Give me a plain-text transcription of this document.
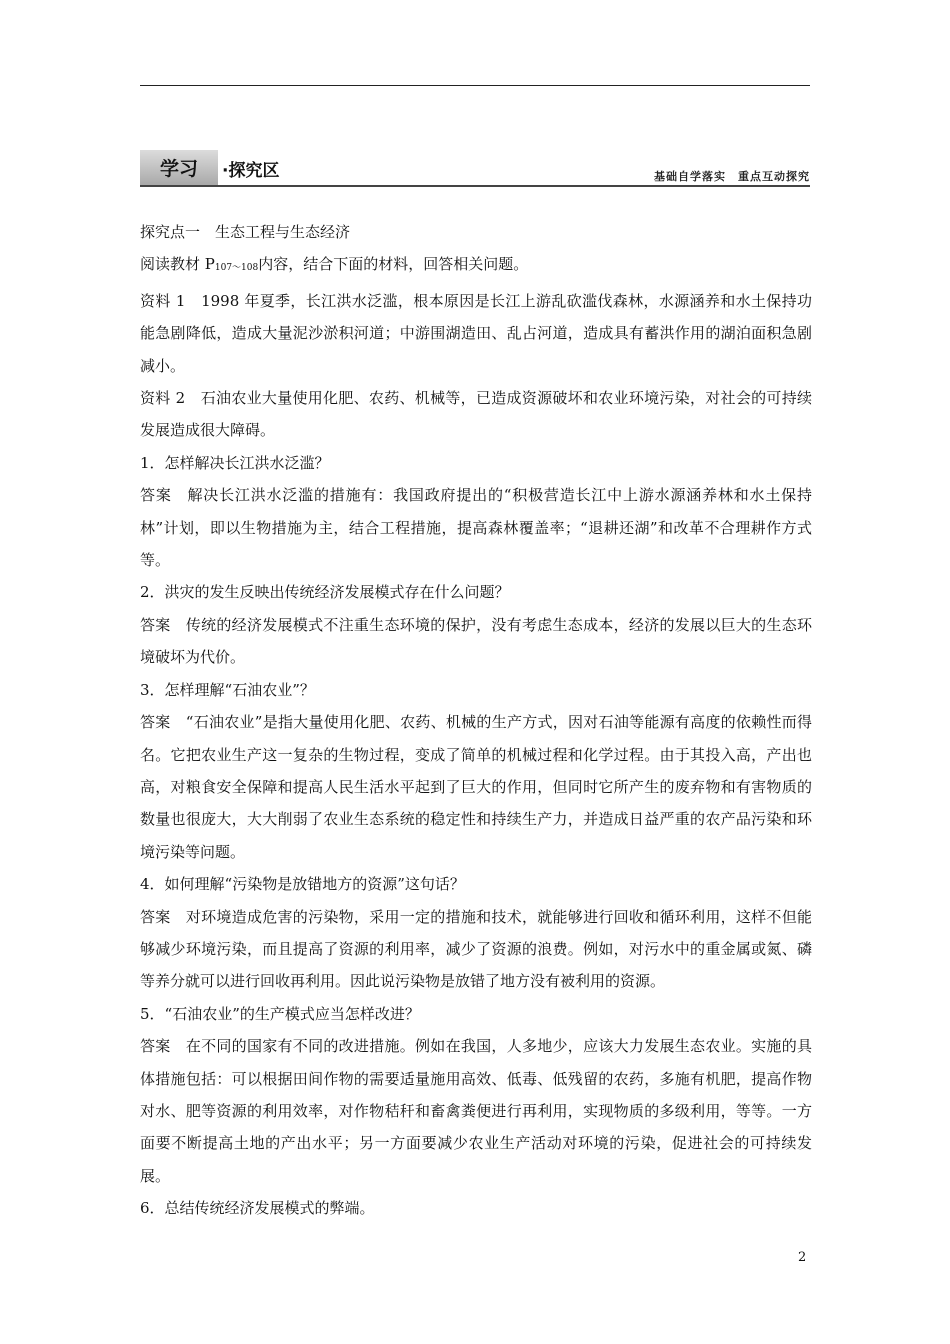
学习	·探究区	基础自学落实　重点互动探究

探究点一　生态工程与生态经济

阅读教材 P107～108内容，结合下面的材料，回答相关问题。

资料 1　1998 年夏季，长江洪水泛滥，根本原因是长江上游乱砍滥伐森林，水源涵养和水土保持功能急剧降低，造成大量泥沙淤积河道；中游围湖造田、乱占河道，造成具有蓄洪作用的湖泊面积急剧减小。

资料 2　石油农业大量使用化肥、农药、机械等，已造成资源破坏和农业环境污染，对社会的可持续发展造成很大障碍。

1．怎样解决长江洪水泛滥？

答案　解决长江洪水泛滥的措施有：我国政府提出的“积极营造长江中上游水源涵养林和水土保持林”计划，即以生物措施为主，结合工程措施，提高森林覆盖率；“退耕还湖”和改革不合理耕作方式等。

2．洪灾的发生反映出传统经济发展模式存在什么问题？

答案　传统的经济发展模式不注重生态环境的保护，没有考虑生态成本，经济的发展以巨大的生态环境破坏为代价。

3．怎样理解“石油农业”？

答案　“石油农业”是指大量使用化肥、农药、机械的生产方式，因对石油等能源有高度的依赖性而得名。它把农业生产这一复杂的生物过程，变成了简单的机械过程和化学过程。由于其投入高，产出也高，对粮食安全保障和提高人民生活水平起到了巨大的作用，但同时它所产生的废弃物和有害物质的数量也很庞大，大大削弱了农业生态系统的稳定性和持续生产力，并造成日益严重的农产品污染和环境污染等问题。

4．如何理解“污染物是放错地方的资源”这句话？

答案　对环境造成危害的污染物，采用一定的措施和技术，就能够进行回收和循环利用，这样不但能够减少环境污染，而且提高了资源的利用率，减少了资源的浪费。例如，对污水中的重金属或氮、磷等养分就可以进行回收再利用。因此说污染物是放错了地方没有被利用的资源。

5．“石油农业”的生产模式应当怎样改进？

答案　在不同的国家有不同的改进措施。例如在我国，人多地少，应该大力发展生态农业。实施的具体措施包括：可以根据田间作物的需要适量施用高效、低毒、低残留的农药，多施有机肥，提高作物对水、肥等资源的利用效率，对作物秸秆和畜禽粪便进行再利用，实现物质的多级利用，等等。一方面要不断提高土地的产出水平；另一方面要减少农业生产活动对环境的污染，促进社会的可持续发展。

6．总结传统经济发展模式的弊端。

2
